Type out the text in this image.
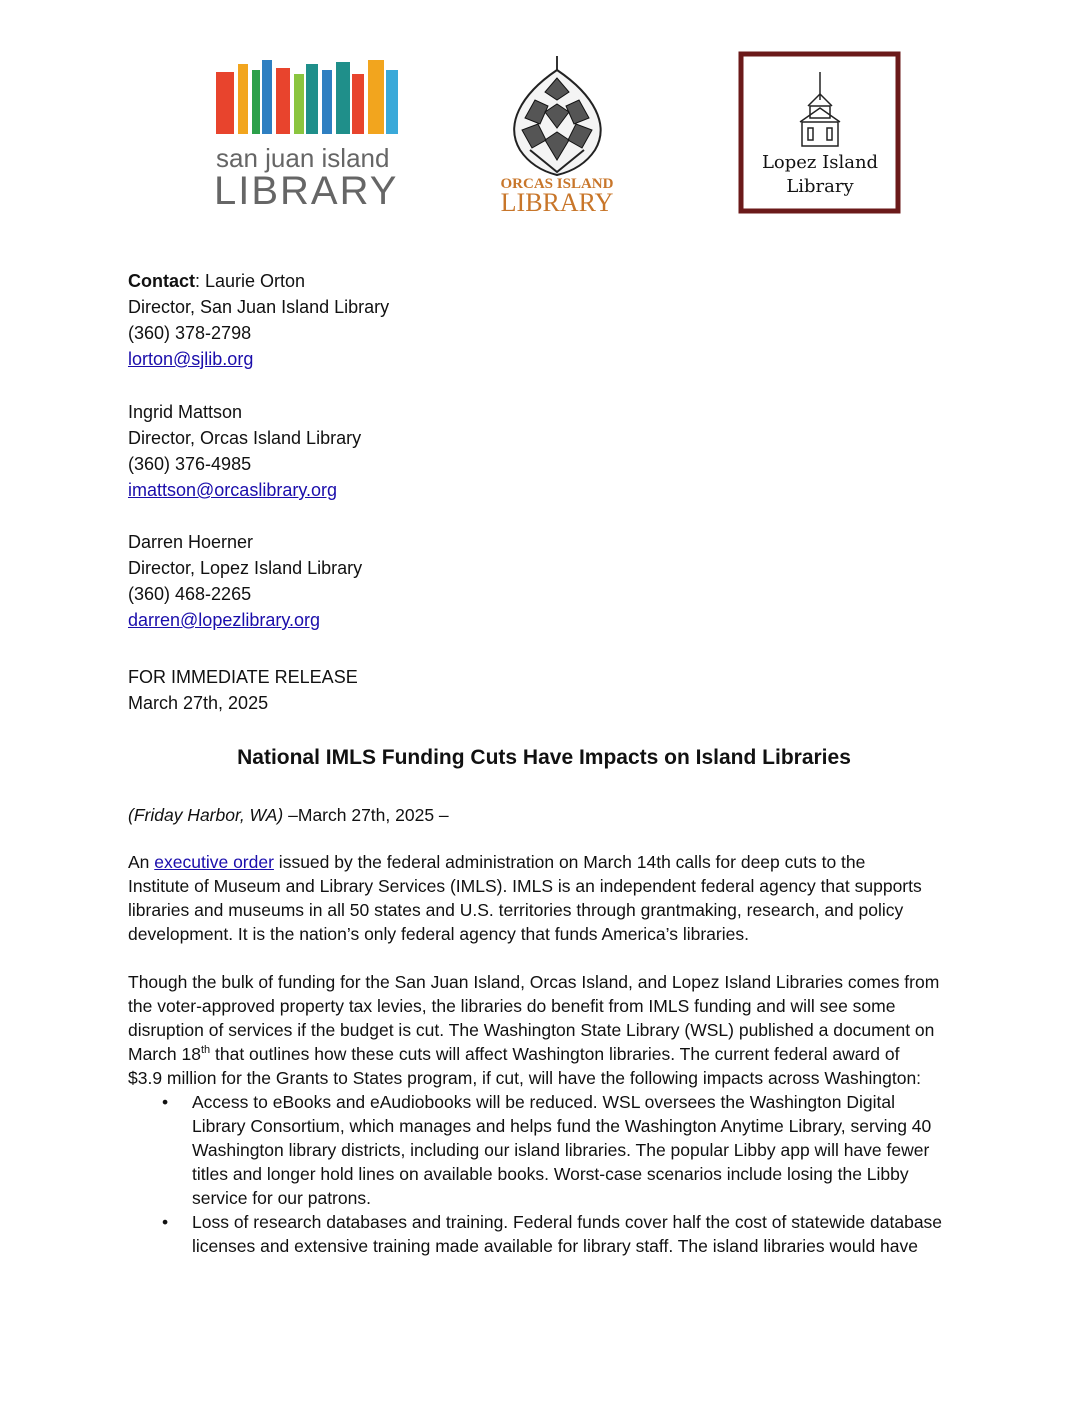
san juan island
LIBRARY	ORCAS ISLAND
LIBRARY
Lopez Island
Library
Contact: Laurie Orton
Director, San Juan Island Library
(360) 378-2798
lorton@sjlib.org
Ingrid Mattson
Director, Orcas Island Library
(360) 376-4985
imattson@orcaslibrary.org
Darren Hoerner
Director, Lopez Island Library
(360) 468-2265
darren@lopezlibrary.org
FOR IMMEDIATE RELEASE
March 27th, 2025
National IMLS Funding Cuts Have Impacts on Island Libraries
(Friday Harbor, WA) –March 27th, 2025 –
An executive order issued by the federal administration on March 14th calls for deep cuts to the
Institute of Museum and Library Services (IMLS). IMLS is an independent federal agency that supports
libraries and museums in all 50 states and U.S. territories through grantmaking, research, and policy
development. It is the nation’s only federal agency that funds America’s libraries.
Though the bulk of funding for the San Juan Island, Orcas Island, and Lopez Island Libraries comes from
the voter-approved property tax levies, the libraries do benefit from IMLS funding and will see some
disruption of services if the budget is cut. The Washington State Library (WSL) published a document on
March 18th that outlines how these cuts will affect Washington libraries. The current federal award of
$3.9 million for the Grants to States program, if cut, will have the following impacts across Washington:
• Access to eBooks and eAudiobooks will be reduced. WSL oversees the Washington Digital
Library Consortium, which manages and helps fund the Washington Anytime Library, serving 40
Washington library districts, including our island libraries. The popular Libby app will have fewer
titles and longer hold lines on available books. Worst-case scenarios include losing the Libby
service for our patrons.
• Loss of research databases and training. Federal funds cover half the cost of statewide database
licenses and extensive training made available for library staff. The island libraries would have
